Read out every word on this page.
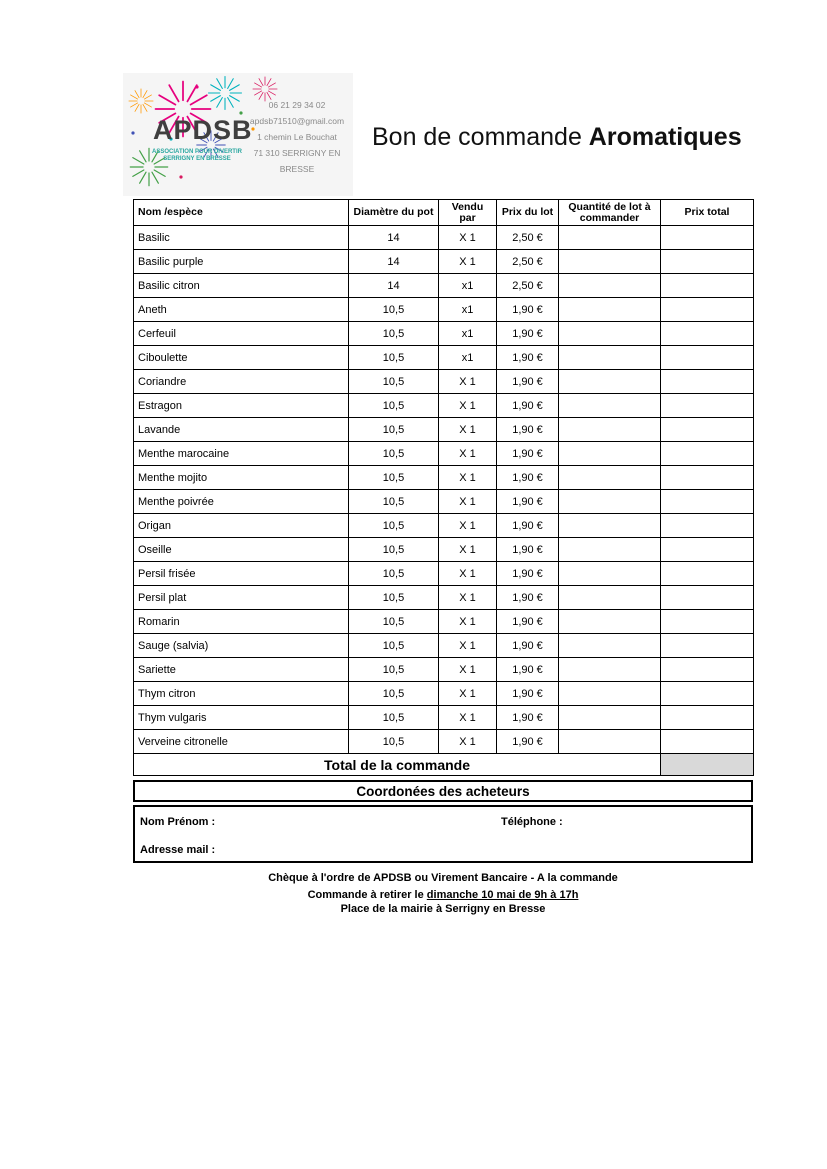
APDSB
ASSOCIATION POUR DIVERTIR SERRIGNY EN BRESSE
06 21 29 34 02
apdsb71510@gmail.com
1 chemin Le Bouchat
71 310 SERRIGNY EN BRESSE
Bon de commande Aromatiques
Nom /espèce	Diamètre du pot	Vendu par	Prix du lot	Quantité de lot à commander	Prix total
Basilic	14	X 1	2,50 €		
Basilic purple	14	X 1	2,50 €		
Basilic citron	14	x1	2,50 €		
Aneth	10,5	x1	1,90 €		
Cerfeuil	10,5	x1	1,90 €		
Ciboulette	10,5	x1	1,90 €		
Coriandre	10,5	X 1	1,90 €		
Estragon	10,5	X 1	1,90 €		
Lavande	10,5	X 1	1,90 €		
Menthe marocaine	10,5	X 1	1,90 €		
Menthe mojito	10,5	X 1	1,90 €		
Menthe poivrée	10,5	X 1	1,90 €		
Origan	10,5	X 1	1,90 €		
Oseille	10,5	X 1	1,90 €		
Persil frisée	10,5	X 1	1,90 €		
Persil plat	10,5	X 1	1,90 €		
Romarin	10,5	X 1	1,90 €		
Sauge (salvia)	10,5	X 1	1,90 €		
Sariette	10,5	X 1	1,90 €		
Thym citron	10,5	X 1	1,90 €		
Thym vulgaris	10,5	X 1	1,90 €		
Verveine citronelle	10,5	X 1	1,90 €		
Total de la commande					
Coordonées des acheteurs
Nom Prénom :	Téléphone :
Adresse mail :
Chèque à l'ordre de APDSB ou Virement Bancaire - A la commande
Commande à retirer le dimanche 10 mai de 9h à 17h
Place de la mairie à Serrigny en Bresse
